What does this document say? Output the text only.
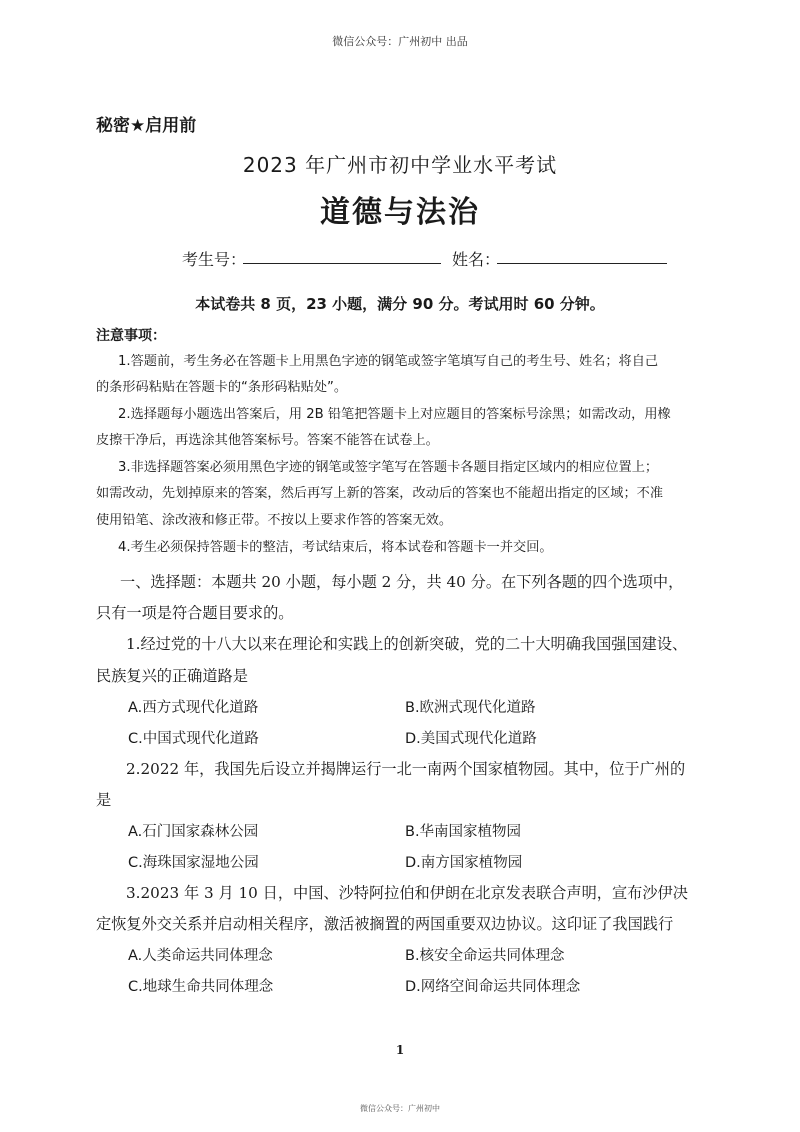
微信公众号：广州初中 出品
秘密★启用前
2023 年广州市初中学业水平考试
道德与法治
考生号：	姓名：
本试卷共 8 页，23 小题，满分 90 分。考试用时 60 分钟。
注意事项：
1.答题前，考生务必在答题卡上用黑色字迹的钢笔或签字笔填写自己的考生号、姓名；将自己
的条形码粘贴在答题卡的“条形码粘贴处”。
2.选择题每小题选出答案后，用 2B 铅笔把答题卡上对应题目的答案标号涂黑；如需改动，用橡
皮擦干净后，再选涂其他答案标号。答案不能答在试卷上。
3.非选择题答案必须用黑色字迹的钢笔或签字笔写在答题卡各题目指定区域内的相应位置上；
如需改动，先划掉原来的答案，然后再写上新的答案，改动后的答案也不能超出指定的区域；不准
使用铅笔、涂改液和修正带。不按以上要求作答的答案无效。
4.考生必须保持答题卡的整洁，考试结束后，将本试卷和答题卡一并交回。
一、选择题：本题共 20 小题，每小题 2 分，共 40 分。在下列各题的四个选项中，
只有一项是符合题目要求的。
1.经过党的十八大以来在理论和实践上的创新突破，党的二十大明确我国强国建设、
民族复兴的正确道路是
A.西方式现代化道路	B.欧洲式现代化道路
C.中国式现代化道路	D.美国式现代化道路
2.2022 年，我国先后设立并揭牌运行一北一南两个国家植物园。其中，位于广州的
是
A.石门国家森林公园	B.华南国家植物园
C.海珠国家湿地公园	D.南方国家植物园
3.2023 年 3 月 10 日，中国、沙特阿拉伯和伊朗在北京发表联合声明，宣布沙伊决
定恢复外交关系并启动相关程序，激活被搁置的两国重要双边协议。这印证了我国践行
A.人类命运共同体理念	B.核安全命运共同体理念
C.地球生命共同体理念	D.网络空间命运共同体理念
1
微信公众号：广州初中
